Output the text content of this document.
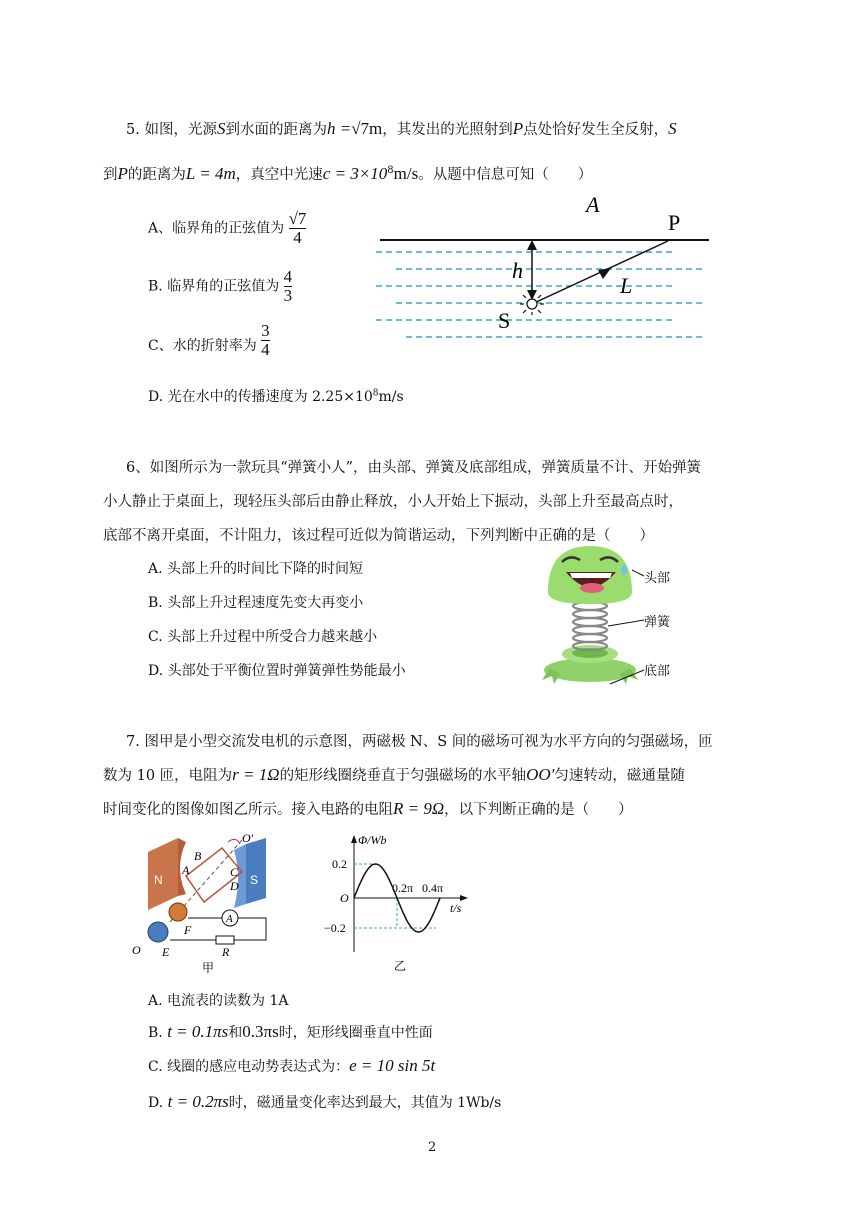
5. 如图，光源S到水面的距离为h =√7m，其发出的光照射到P点处恰好发生全反射，S
到P的距离为L = 4m，真空中光速$c = 3\times 10^8m/s$。从题中信息可知（　　）
A、临界角的正弦值为 $\frac{√7}{4}$
B. 临界角的正弦值为 $\frac{4}{3}$
C、水的折射率为 $\frac{3}{4}$
D. 光在水中的传播速度为 $2.25\times 10^8m/s$
A
P
h
L
S
6、如图所示为一款玩具“弹簧小人”，由头部、弹簧及底部组成，弹簧质量不计、开始弹簧
小人静止于桌面上，现轻压头部后由静止释放，小人开始上下振动，头部上升至最高点时，
底部不离开桌面，不计阻力，该过程可近似为简谐运动，下列判断中正确的是（　　）
A. 头部上升的时间比下降的时间短
B. 头部上升过程速度先变大再变小
C. 头部上升过程中所受合力越来越小
D. 头部处于平衡位置时弹簧弹性势能最小
头部
弹簧
底部
7. 图甲是小型交流发电机的示意图，两磁极 N、S 间的磁场可视为水平方向的匀强磁场，匝
数为 10 匝，电阻为r = 1Ω的矩形线圈绕垂直于匀强磁场的水平轴OO′匀速转动，磁通量随
时间变化的图像如图乙所示。接入电路的电阻R = 9Ω，以下判断正确的是（　　）
N	S
A
B
C
D
O′
F
E
O
A
R
甲
Φ/Wb
0.2
−0.2
O
0.2π 0.4π
t/s
乙
A. 电流表的读数为 1A
B. t = 0.1πs和0.3πs时，矩形线圈垂直中性面
C. 线圈的感应电动势表达式为：e = 10 sin 5t
D. t = 0.2πs时，磁通量变化率达到最大，其值为 1Wb/s
2
